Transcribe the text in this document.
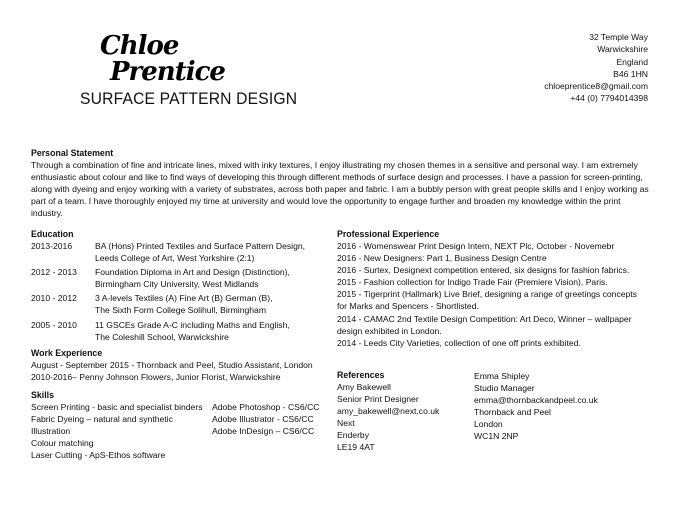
Chloe
Prentice
SURFACE PATTERN DESIGN
32 Temple Way
Warwickshire
England
B46 1HN
chloeprentice8@gmail.com
+44 (0) 7794014398
Personal Statement

Through a combination of fine and intricate lines, mixed with inky textures, I enjoy illustrating my chosen themes in a sensitive and personal way. I am extremely enthusiastic about colour and like to find ways of developing this through different methods of surface design and processes. I have a passion for screen-printing, along with dyeing and enjoy working with a variety of substrates, across both paper and fabric. I am a bubbly person with great people skills and I enjoy working as part of a team. I have thoroughly enjoyed my time at university and would love the opportunity to engage further and broaden my knowledge within the print industry.

Education
2013-2016	BA (Hons) Printed Textiles and Surface Pattern Design,
Leeds College of Art, West Yorkshire (2:1)
2012 - 2013	Foundation Diploma in Art and Design (Distinction),
Birmingham City University, West Midlands
2010 - 2012	3 A-levels Textiles (A) Fine Art (B) German (B),
The Sixth Form College Solihull, Birmingham
2005 - 2010	11 GSCEs Grade A-C including Maths and English,
The Coleshill School, Warwickshire
Work Experience
August - September 2015 - Thornback and Peel, Studio Assistant, London
2010-2016– Penny Johnson Flowers, Junior Florist, Warwickshire
Skills
Screen Printing - basic and specialist binders
Fabric Dyeing – natural and synthetic
Illustration
Colour matching
Laser Cutting - ApS-Ethos software
Adobe Photoshop - CS6/CC
Adobe Illustrator - CS6/CC
Adobe InDesign – CS6/CC
Professional Experience
2016 - Womenswear Print Design Intern, NEXT Plc, October - Novemebr
2016 - New Designers: Part 1, Business Design Centre
2016 - Surtex, Designext competition entered, six designs for fashion fabrics.
2015 - Fashion collection for Indigo Trade Fair (Premiere Vision), Paris.
2015 - Tigerprint (Hallmark) Live Brief, designing a range of greetings concepts
for Marks and Spencers - Shortlisted.
2014 - CAMAC 2nd Textile Design Competition: Art Deco, Winner – wallpaper
design exhibited in London.
2014 - Leeds City Varieties, collection of one off prints exhibited.
References
Amy Bakewell
Senior Print Designer
amy_bakewell@next.co.uk
Next
Enderby
LE19 4AT
Emma Shipley
Studio Manager
emma@thornbackandpeel.co.uk
Thornback and Peel
London
WC1N 2NP
